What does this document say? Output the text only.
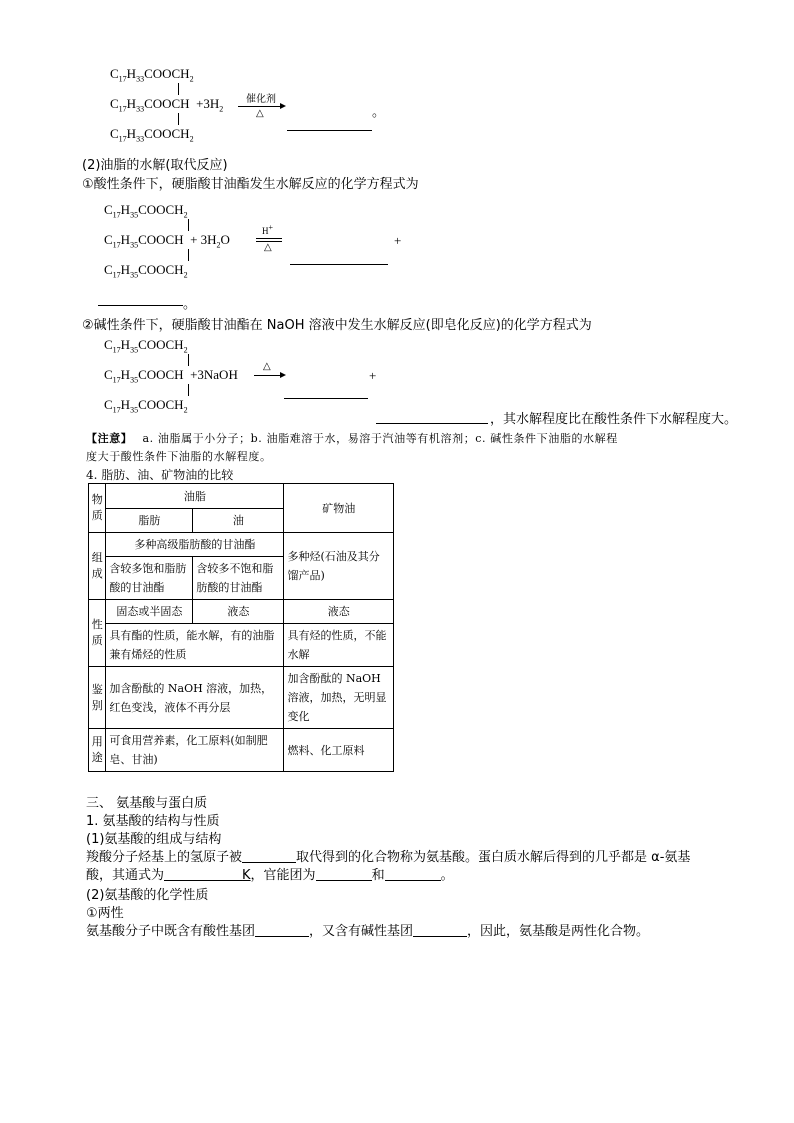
$C_{17}H_{33}COOCH_2$
$C_{17}H_{33}COOCH +3H_2$
$C_{17}H_{33}COOCH_2$
催化剂
△	。
(2)油脂的水解(取代反应)
①酸性条件下，硬脂酸甘油酯发生水解反应的化学方程式为
$C_{17}H_{35}COOCH_2$
$C_{17}H_{35}COOCH + 3H_2O$
$C_{17}H_{35}COOCH_2$
H+
△	+
。
②碱性条件下，硬脂酸甘油酯在 NaOH 溶液中发生水解反应(即皂化反应)的化学方程式为
$C_{17}H_{35}COOCH_2$
$C_{17}H_{35}COOCH$  +3NaOH
$C_{17}H_{35}COOCH_2$
△
+
，其水解程度比在酸性条件下水解程度大。
【注意】 a. 油脂属于小分子；b. 油脂难溶于水，易溶于汽油等有机溶剂；c. 碱性条件下油脂的水解程
度大于酸性条件下油脂的水解程度。
4. 脂肪、油、矿物油的比较
物质	油脂		矿物油
	脂肪	油	
组成	多种高级脂肪酸的甘油酯		多种烃(石油及其分馏产品)
	含较多饱和脂肪酸的甘油酯	含较多不饱和脂肪酸的甘油酯	
性质	固态或半固态	液态	液态
	具有酯的性质，能水解，有的油脂兼有烯烃的性质		具有烃的性质，不能水解
鉴别	加含酚酞的 NaOH 溶液，加热，红色变浅，液体不再分层		加含酚酞的 NaOH 溶液，加热，无明显变化
用途	可食用营养素，化工原料(如制肥皂、甘油)		燃料、化工原料
三、 氨基酸与蛋白质
1. 氨基酸的结构与性质
(1)氨基酸的组成与结构
羧酸分子烃基上的氢原子被	取代得到的化合物称为氨基酸。蛋白质水解后得到的几乎都是 α-氨基
酸，其通式为	K，官能团为	和	。
(2)氨基酸的化学性质
①两性
氨基酸分子中既含有酸性基团	，又含有碱性基团	，因此，氨基酸是两性化合物。
